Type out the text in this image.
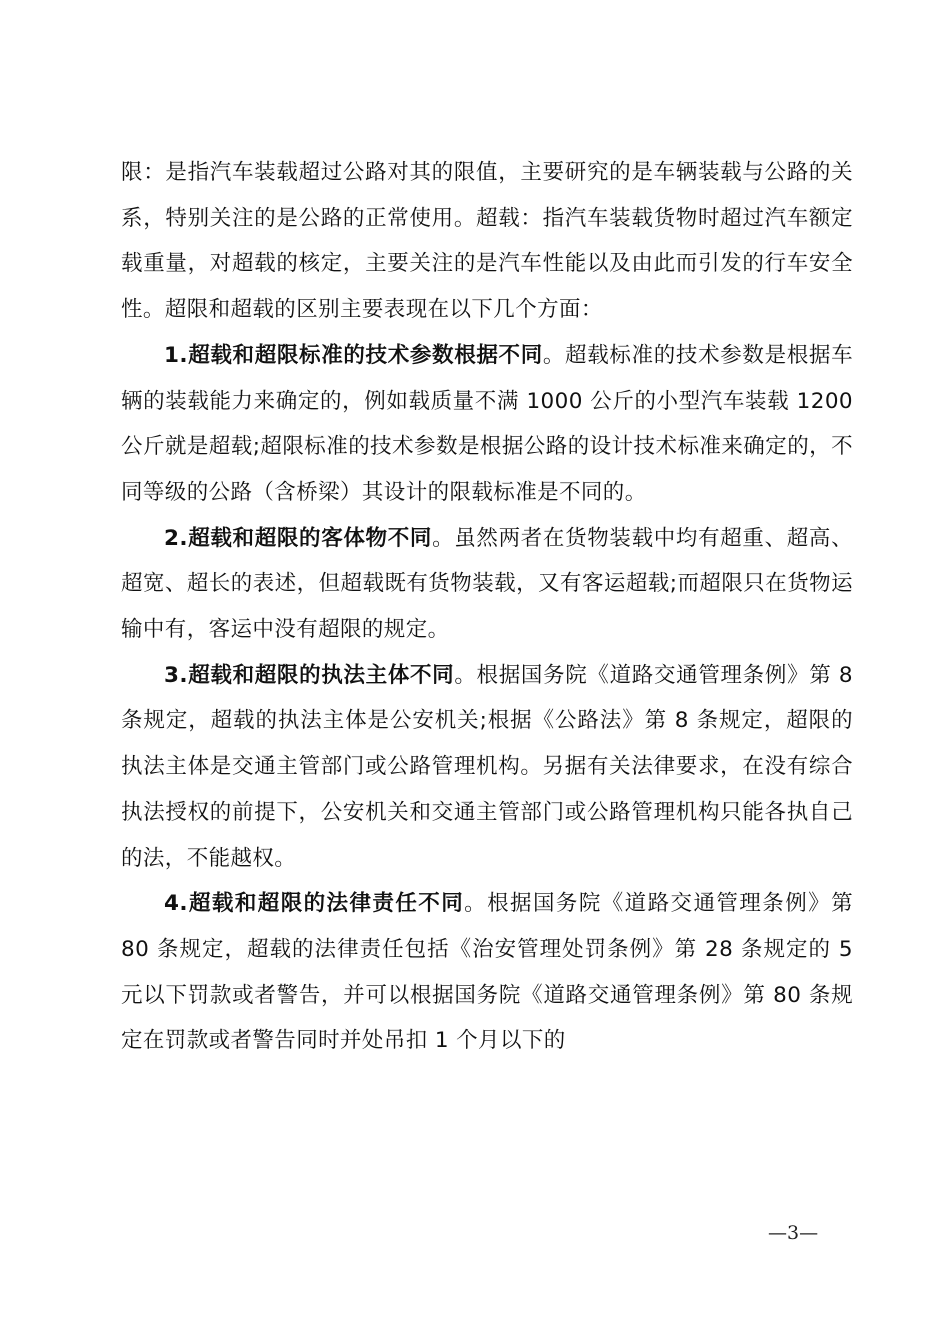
限：是指汽车装载超过公路对其的限值，主要研究的是车辆装载与公路的关系，特别关注的是公路的正常使用。超载：指汽车装载货物时超过汽车额定载重量，对超载的核定，主要关注的是汽车性能以及由此而引发的行车安全性。超限和超载的区别主要表现在以下几个方面：

1.超载和超限标准的技术参数根据不同。超载标准的技术参数是根据车辆的装载能力来确定的，例如载质量不满 1000 公斤的小型汽车装载 1200 公斤就是超载;超限标准的技术参数是根据公路的设计技术标准来确定的，不同等级的公路（含桥梁）其设计的限载标准是不同的。

2.超载和超限的客体物不同。虽然两者在货物装载中均有超重、超高、超宽、超长的表述，但超载既有货物装载，又有客运超载;而超限只在货物运输中有，客运中没有超限的规定。

3.超载和超限的执法主体不同。根据国务院《道路交通管理条例》第 8 条规定，超载的执法主体是公安机关;根据《公路法》第 8 条规定，超限的执法主体是交通主管部门或公路管理机构。另据有关法律要求，在没有综合执法授权的前提下，公安机关和交通主管部门或公路管理机构只能各执自己的法，不能越权。

4.超载和超限的法律责任不同。根据国务院《道路交通管理条例》第 80 条规定，超载的法律责任包括《治安管理处罚条例》第 28 条规定的 5 元以下罚款或者警告，并可以根据国务院《道路交通管理条例》第 80 条规定在罚款或者警告同时并处吊扣 1 个月以下的

—3—
